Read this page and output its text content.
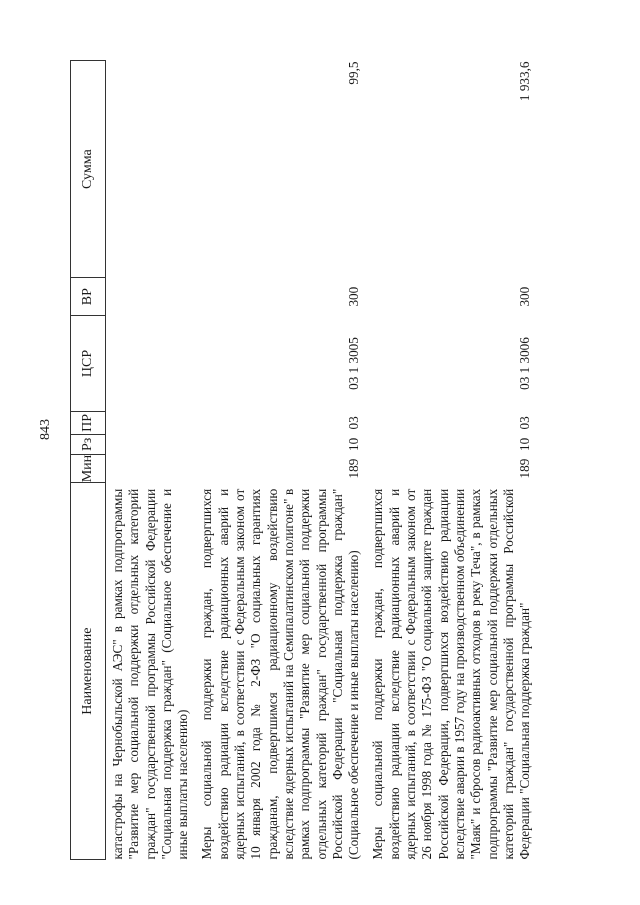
843
Наименование	Мин	Рз	ПР	ЦСР	ВР	Сумма
катастрофы на Чернобыльской АЭС" в рамках подпрограммы "Развитие мер социальной поддержки отдельных категорий граждан" государственной программы Российской Федерации "Социальная поддержка граждан" (Социальное обеспечение и иные выплаты населению)						

Меры социальной поддержки граждан, подвергшихся воздействию радиации вследствие радиационных аварий и ядерных испытаний, в соответствии с Федеральным законом от 10 января 2002 года № 2-ФЗ "О социальных гарантиях гражданам, подвергшимся радиационному воздействию вследствие ядерных испытаний на Семипалатинском полигоне" в рамках подпрограммы "Развитие мер социальной поддержки отдельных категорий граждан" государственной программы Российской Федерации "Социальная поддержка граждан" (Социальное обеспечение и иные выплаты населению)	189	10	03	03 1 3005	300	99,5

Меры социальной поддержки граждан, подвергшихся воздействию радиации вследствие радиационных аварий и ядерных испытаний, в соответствии с Федеральным законом от 26 ноября 1998 года № 175-ФЗ "О социальной защите граждан Российской Федерации, подвергшихся воздействию радиации вследствие аварии в 1957 году на производственном объединении "Маяк" и сбросов радиоактивных отходов в реку Теча", в рамках подпрограммы "Развитие мер социальной поддержки отдельных категорий граждан" государственной программы Российской Федерации "Социальная поддержка граждан"	189	10	03	03 1 3006	300	1 933,6
